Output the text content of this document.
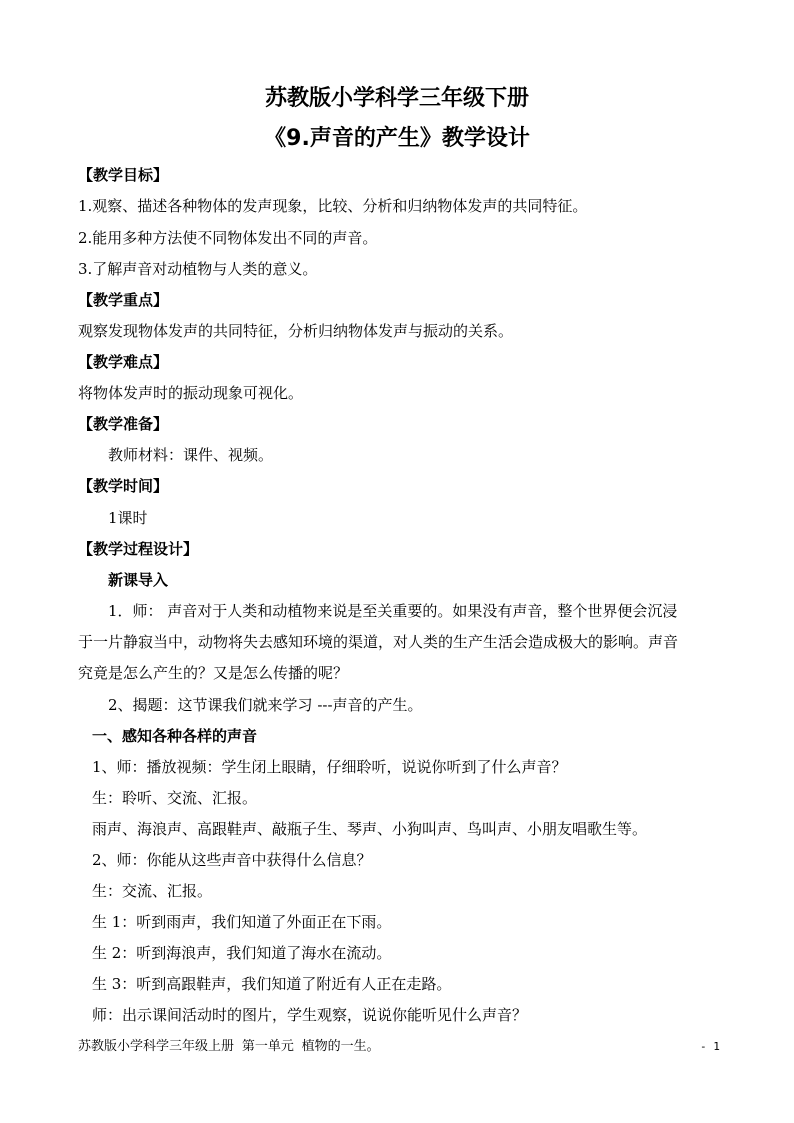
苏教版小学科学三年级下册
《9.声音的产生》教学设计
【教学目标】
1.观察、描述各种物体的发声现象，比较、分析和归纳物体发声的共同特征。
2.能用多种方法使不同物体发出不同的声音。
3.了解声音对动植物与人类的意义。
【教学重点】
观察发现物体发声的共同特征，分析归纳物体发声与振动的关系。
【教学难点】
将物体发声时的振动现象可视化。
【教学准备】
教师材料：课件、视频。
【教学时间】
1课时
【教学过程设计】
新课导入
1．师： 声音对于人类和动植物来说是至关重要的。如果没有声音，整个世界便会沉浸
于一片静寂当中，动物将失去感知环境的渠道，对人类的生产生活会造成极大的影响。声音
究竟是怎么产生的？又是怎么传播的呢？
2、揭题：这节课我们就来学习 ---声音的产生。
一、感知各种各样的声音
1、师：播放视频：学生闭上眼睛，仔细聆听，说说你听到了什么声音？
生：聆听、交流、汇报。
雨声、海浪声、高跟鞋声、敲瓶子生、琴声、小狗叫声、鸟叫声、小朋友唱歌生等。
2、师：你能从这些声音中获得什么信息？
生：交流、汇报。
生 1：听到雨声，我们知道了外面正在下雨。
生 2：听到海浪声，我们知道了海水在流动。
生 3：听到高跟鞋声，我们知道了附近有人正在走路。
师：出示课间活动时的图片，学生观察，说说你能听见什么声音？
苏教版小学科学三年级上册 第一单元 植物的一生。	- 1
